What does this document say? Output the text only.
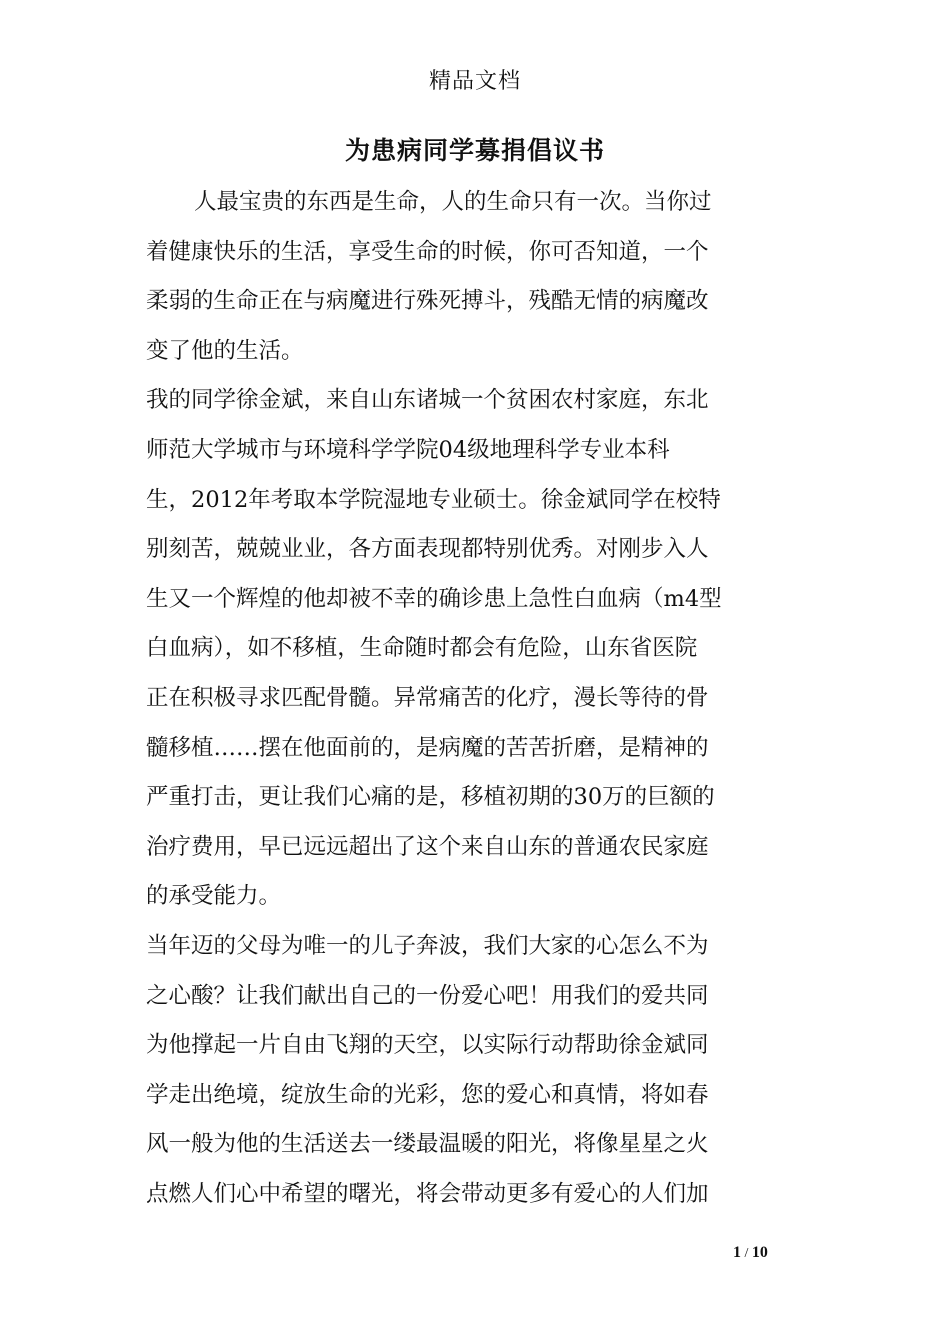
精品文档
为患病同学募捐倡议书
人最宝贵的东西是生命，人的生命只有一次。当你过
着健康快乐的生活，享受生命的时候，你可否知道，一个
柔弱的生命正在与病魔进行殊死搏斗，残酷无情的病魔改
变了他的生活。
我的同学徐金斌，来自山东诸城一个贫困农村家庭，东北
师范大学城市与环境科学学院04级地理科学专业本科
生，2012年考取本学院湿地专业硕士。徐金斌同学在校特
别刻苦，兢兢业业，各方面表现都特别优秀。对刚步入人
生又一个辉煌的他却被不幸的确诊患上急性白血病（m4型
白血病），如不移植，生命随时都会有危险，山东省医院
正在积极寻求匹配骨髓。异常痛苦的化疗，漫长等待的骨
髓移植……摆在他面前的，是病魔的苦苦折磨，是精神的
严重打击，更让我们心痛的是，移植初期的30万的巨额的
治疗费用，早已远远超出了这个来自山东的普通农民家庭
的承受能力。
当年迈的父母为唯一的儿子奔波，我们大家的心怎么不为
之心酸？让我们献出自己的一份爱心吧！用我们的爱共同
为他撑起一片自由飞翔的天空，以实际行动帮助徐金斌同
学走出绝境，绽放生命的光彩，您的爱心和真情，将如春
风一般为他的生活送去一缕最温暖的阳光，将像星星之火
点燃人们心中希望的曙光，将会带动更多有爱心的人们加
1 / 10
